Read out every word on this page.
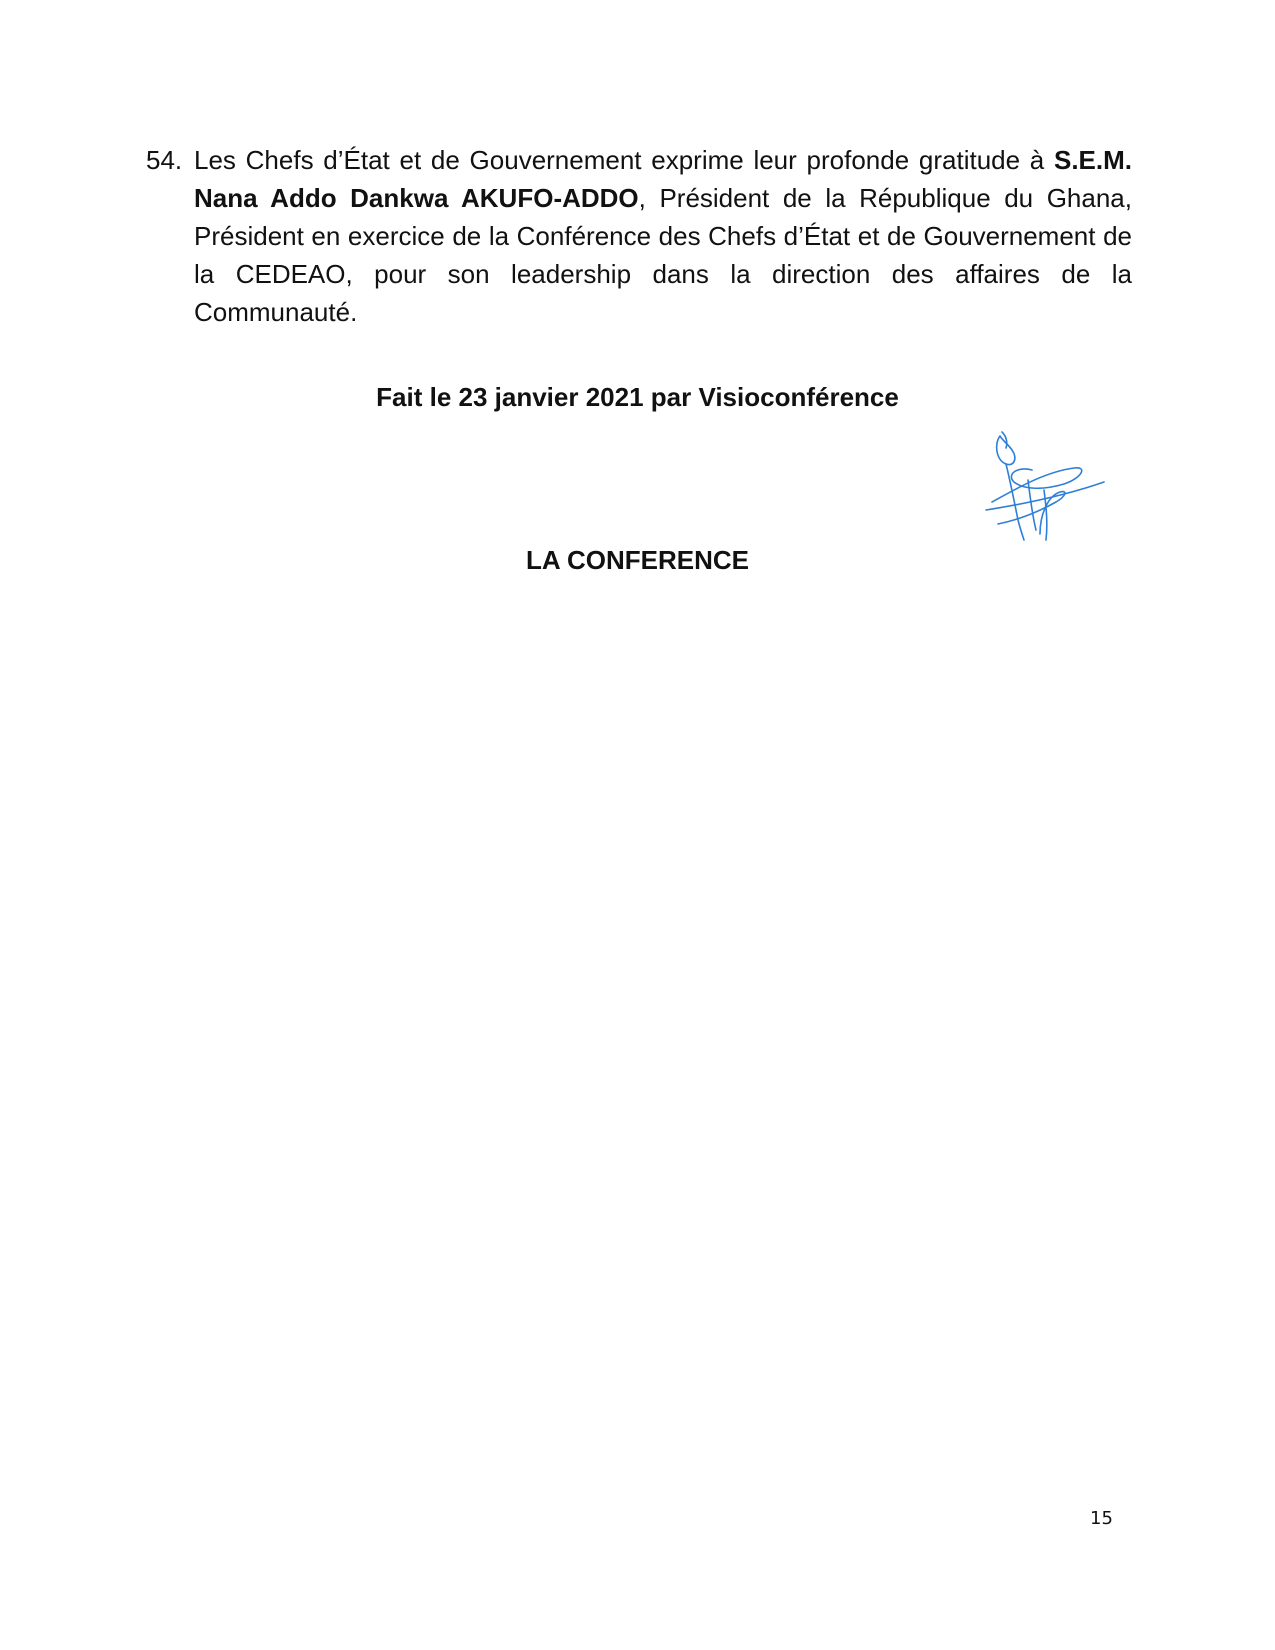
54. Les Chefs d’État et de Gouvernement exprime leur profonde gratitude à S.E.M. Nana Addo Dankwa AKUFO-ADDO, Président de la République du Ghana, Président en exercice de la Conférence des Chefs d’État et de Gouvernement de la CEDEAO, pour son leadership dans la direction des affaires de la Communauté.
Fait le 23 janvier 2021 par Visioconférence
LA CONFERENCE
15
